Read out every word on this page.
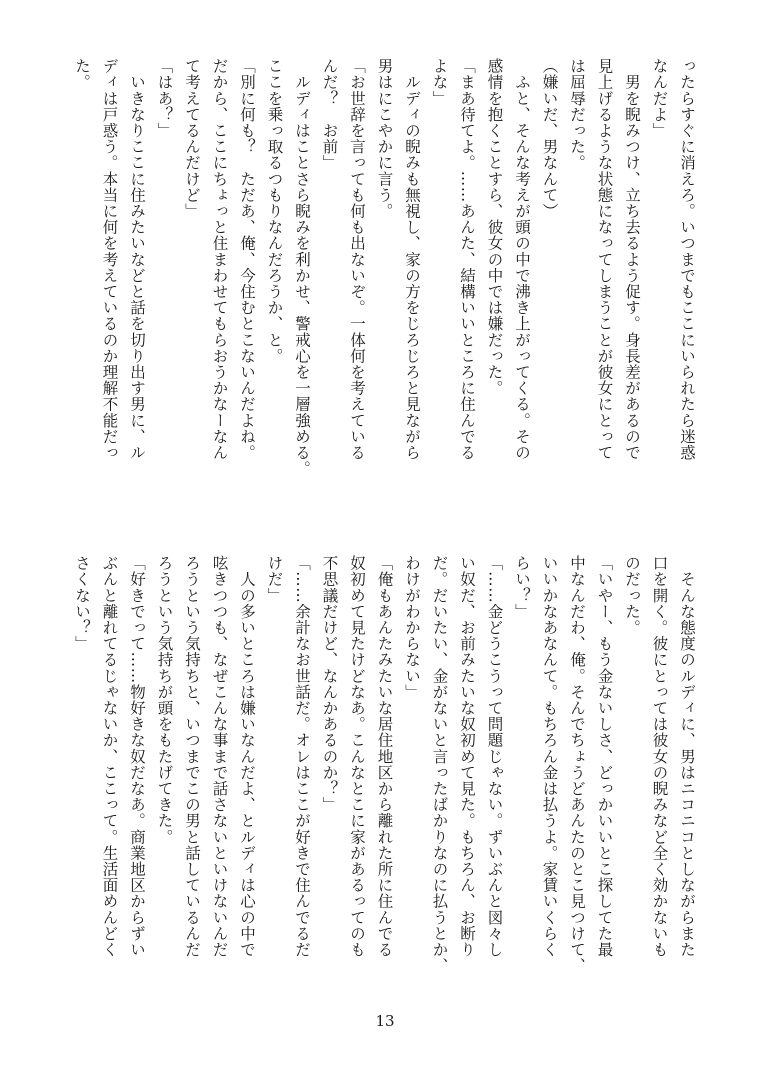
ったらすぐに消えろ。いつまでもここにいられたら迷惑
なんだよ」
　男を睨みつけ、立ち去るよう促す。身長差があるので
見上げるような状態になってしまうことが彼女にとって
は屈辱だった。
（嫌いだ、男なんて）
　ふと、そんな考えが頭の中で沸き上がってくる。その
感情を抱くことすら、彼女の中では嫌だった。
「まあ待てよ。……あんた、結構いいところに住んでる
よな」
　ルディの睨みも無視し、家の方をじろじろと見ながら
男はにこやかに言う。
「お世辞を言っても何も出ないぞ。一体何を考えている
んだ？　お前」
　ルディはことさら睨みを利かせ、警戒心を一層強める。
ここを乗っ取るつもりなんだろうか、と。
「別に何も？　ただあ、俺、今住むとこないんだよね。
だから、ここにちょっと住まわせてもらおうかなーなん
て考えてるんだけど」
「はあ？」
　いきなりここに住みたいなどと話を切り出す男に、ル
ディは戸惑う。本当に何を考えているのか理解不能だっ
た。
　そんな態度のルディに、男はニコニコとしながらまた
口を開く。彼にとっては彼女の睨みなど全く効かないも
のだった。
「いやー、もう金ないしさ、どっかいいとこ探してた最
中なんだわ、俺。そんでちょうどあんたのとこ見つけて、
いいかなあなんて。もちろん金は払うよ。家賃いくらく
らい？」
「……金どうこうって問題じゃない。ずいぶんと図々し
い奴だ、お前みたいな奴初めて見た。もちろん、お断り
だ。だいたい、金がないと言ったばかりなのに払うとか、
わけがわからない」
「俺もあんたみたいな居住地区から離れた所に住んでる
奴初めて見たけどなあ。こんなとこに家があるってのも
不思議だけど、なんかあるのか？」
「……余計なお世話だ。オレはここが好きで住んでるだ
けだ」
　人の多いところは嫌いなんだよ、とルディは心の中で
呟きつつも、なぜこんな事まで話さないといけないんだ
ろうという気持ちと、いつまでこの男と話しているんだ
ろうという気持ちが頭をもたげてきた。
「好きでって……物好きな奴だなあ。商業地区からずい
ぶんと離れてるじゃないか、ここって。生活面めんどく
さくない？」
13
